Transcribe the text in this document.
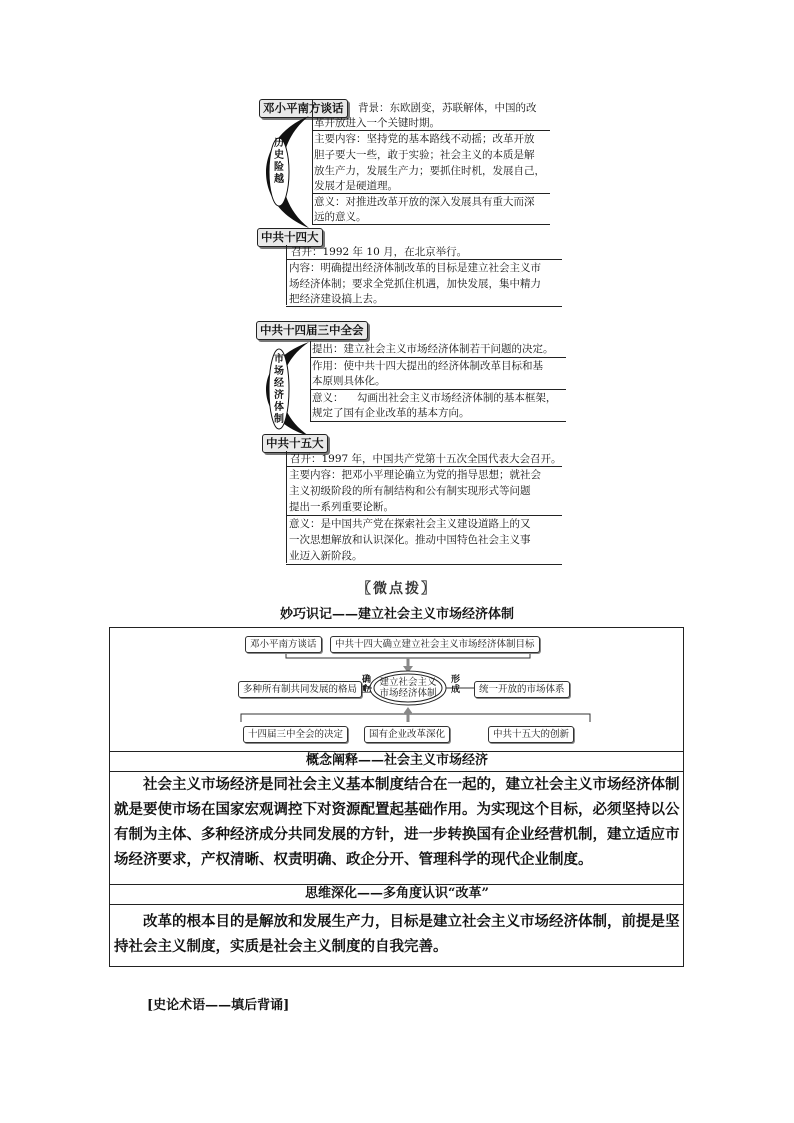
邓小平南方谈话
历
史
险
越
背景：东欧剧变，苏联解体，中国的改
革开放进入一个关键时期。
主要内容：坚持党的基本路线不动摇；改革开放
胆子要大一些，敢于实验；社会主义的本质是解
放生产力，发展生产力；要抓住时机，发展自己，
发展才是硬道理。
意义：对推进改革开放的深入发展具有重大而深
远的意义。
中共十四大
召开：1992 年 10 月，在北京举行。
内容：明确提出经济体制改革的目标是建立社会主义市
场经济体制；要求全党抓住机遇，加快发展，集中精力
把经济建设搞上去。
中共十四届三中全会
市
场
经
济
体
制
提出：建立社会主义市场经济体制若干问题的决定。
作用：使中共十四大提出的经济体制改革目标和基
本原则具体化。
意义：    勾画出社会主义市场经济体制的基本框架，
规定了国有企业改革的基本方向。
中共十五大
召开：1997 年，中国共产党第十五次全国代表大会召开。
主要内容：把邓小平理论确立为党的指导思想；就社会
主义初级阶段的所有制结构和公有制实现形式等问题
提出一系列重要论断。
意义：是中国共产党在探索社会主义建设道路上的又
一次思想解放和认识深化。推动中国特色社会主义事
业迈入新阶段。
〖微点拨〗
妙巧识记——建立社会主义市场经济体制
邓小平南方谈话	中共十四大确立建立社会主义市场经济体制目标
多种所有制共同发展的格局
确立
建立社会主义
市场经济体制
形成	统一开放的市场体系
十四届三中全会的决定	国有企业改革深化	中共十五大的创新
概念阐释——社会主义市场经济
社会主义市场经济是同社会主义基本制度结合在一起的，建立社会主义市场经济体制就是要使市场在国家宏观调控下对资源配置起基础作用。为实现这个目标，必须坚持以公有制为主体、多种经济成分共同发展的方针，进一步转换国有企业经营机制，建立适应市场经济要求，产权清晰、权责明确、政企分开、管理科学的现代企业制度。
思维深化——多角度认识“改革”
改革的根本目的是解放和发展生产力，目标是建立社会主义市场经济体制，前提是坚持社会主义制度，实质是社会主义制度的自我完善。
[史论术语——填后背诵]
